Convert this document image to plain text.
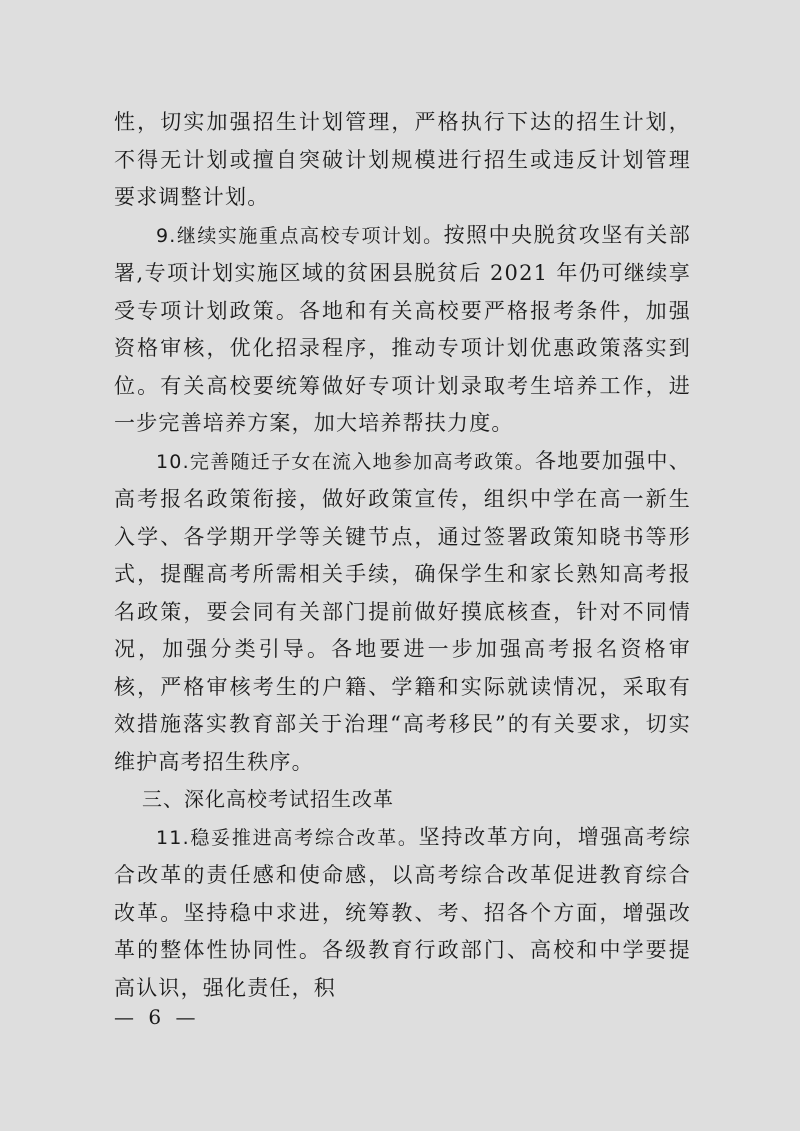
性，切实加强招生计划管理，严格执行下达的招生计划，不得无计划或擅自突破计划规模进行招生或违反计划管理要求调整计划。

9.继续实施重点高校专项计划。按照中央脱贫攻坚有关部署,专项计划实施区域的贫困县脱贫后 2021 年仍可继续享受专项计划政策。各地和有关高校要严格报考条件，加强资格审核，优化招录程序，推动专项计划优惠政策落实到位。有关高校要统筹做好专项计划录取考生培养工作，进一步完善培养方案，加大培养帮扶力度。

10.完善随迁子女在流入地参加高考政策。各地要加强中、高考报名政策衔接，做好政策宣传，组织中学在高一新生入学、各学期开学等关键节点，通过签署政策知晓书等形式，提醒高考所需相关手续，确保学生和家长熟知高考报名政策，要会同有关部门提前做好摸底核查，针对不同情况，加强分类引导。各地要进一步加强高考报名资格审核，严格审核考生的户籍、学籍和实际就读情况，采取有效措施落实教育部关于治理“高考移民”的有关要求，切实维护高考招生秩序。

三、深化高校考试招生改革

11.稳妥推进高考综合改革。坚持改革方向，增强高考综合改革的责任感和使命感，以高考综合改革促进教育综合改革。坚持稳中求进，统筹教、考、招各个方面，增强改革的整体性协同性。各级教育行政部门、高校和中学要提高认识，强化责任，积

— 6 —
